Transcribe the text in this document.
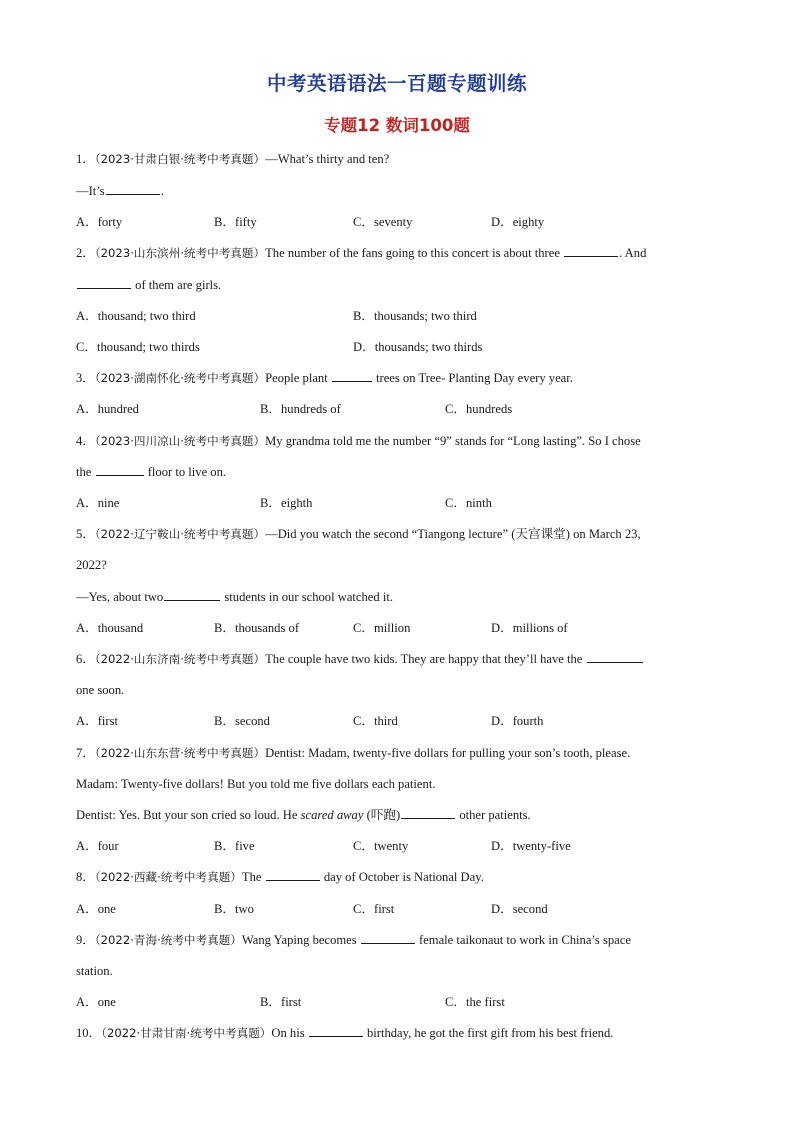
中考英语语法一百题专题训练
专题12 数词100题
1．（2023·甘肃白银·统考中考真题）—What’s thirty and ten?
—It’s	.
A．forty	B．fifty	C．seventy	D．eighty
2．（2023·山东滨州·统考中考真题）The number of the fans going to this concert is about three	. And
of them are girls.
A．thousand; two third	B．thousands; two third
C．thousand; two thirds	D．thousands; two thirds
3．（2023·湖南怀化·统考中考真题）People plant	trees on Tree- Planting Day every year.
A．hundred	B．hundreds of	C．hundreds
4．（2023·四川凉山·统考中考真题）My grandma told me the number “9” stands for “Long lasting”. So I chose
the	floor to live on.
A．nine	B．eighth	C．ninth
5．（2022·辽宁鞍山·统考中考真题）—Did you watch the second “Tiangong lecture” (天宫课堂) on March 23,
2022?
—Yes, about two	students in our school watched it.
A．thousand	B．thousands of	C．million	D．millions of
6．（2022·山东济南·统考中考真题）The couple have two kids. They are happy that they’ll have the
one soon.
A．first	B．second	C．third	D．fourth
7．（2022·山东东营·统考中考真题）Dentist: Madam, twenty-five dollars for pulling your son’s tooth, please.
Madam: Twenty-five dollars! But you told me five dollars each patient.
Dentist: Yes. But your son cried so loud. He scared away (吓跑)	other patients.
A．four	B．five	C．twenty	D．twenty-five
8．（2022·西藏·统考中考真题）The	day of October is National Day.
A．one	B．two	C．first	D．second
9．（2022·青海·统考中考真题）Wang Yaping becomes	female taikonaut to work in China’s space
station.
A．one	B．first	C．the first
10．（2022·甘肃甘南·统考中考真题）On his	birthday, he got the first gift from his best friend.
